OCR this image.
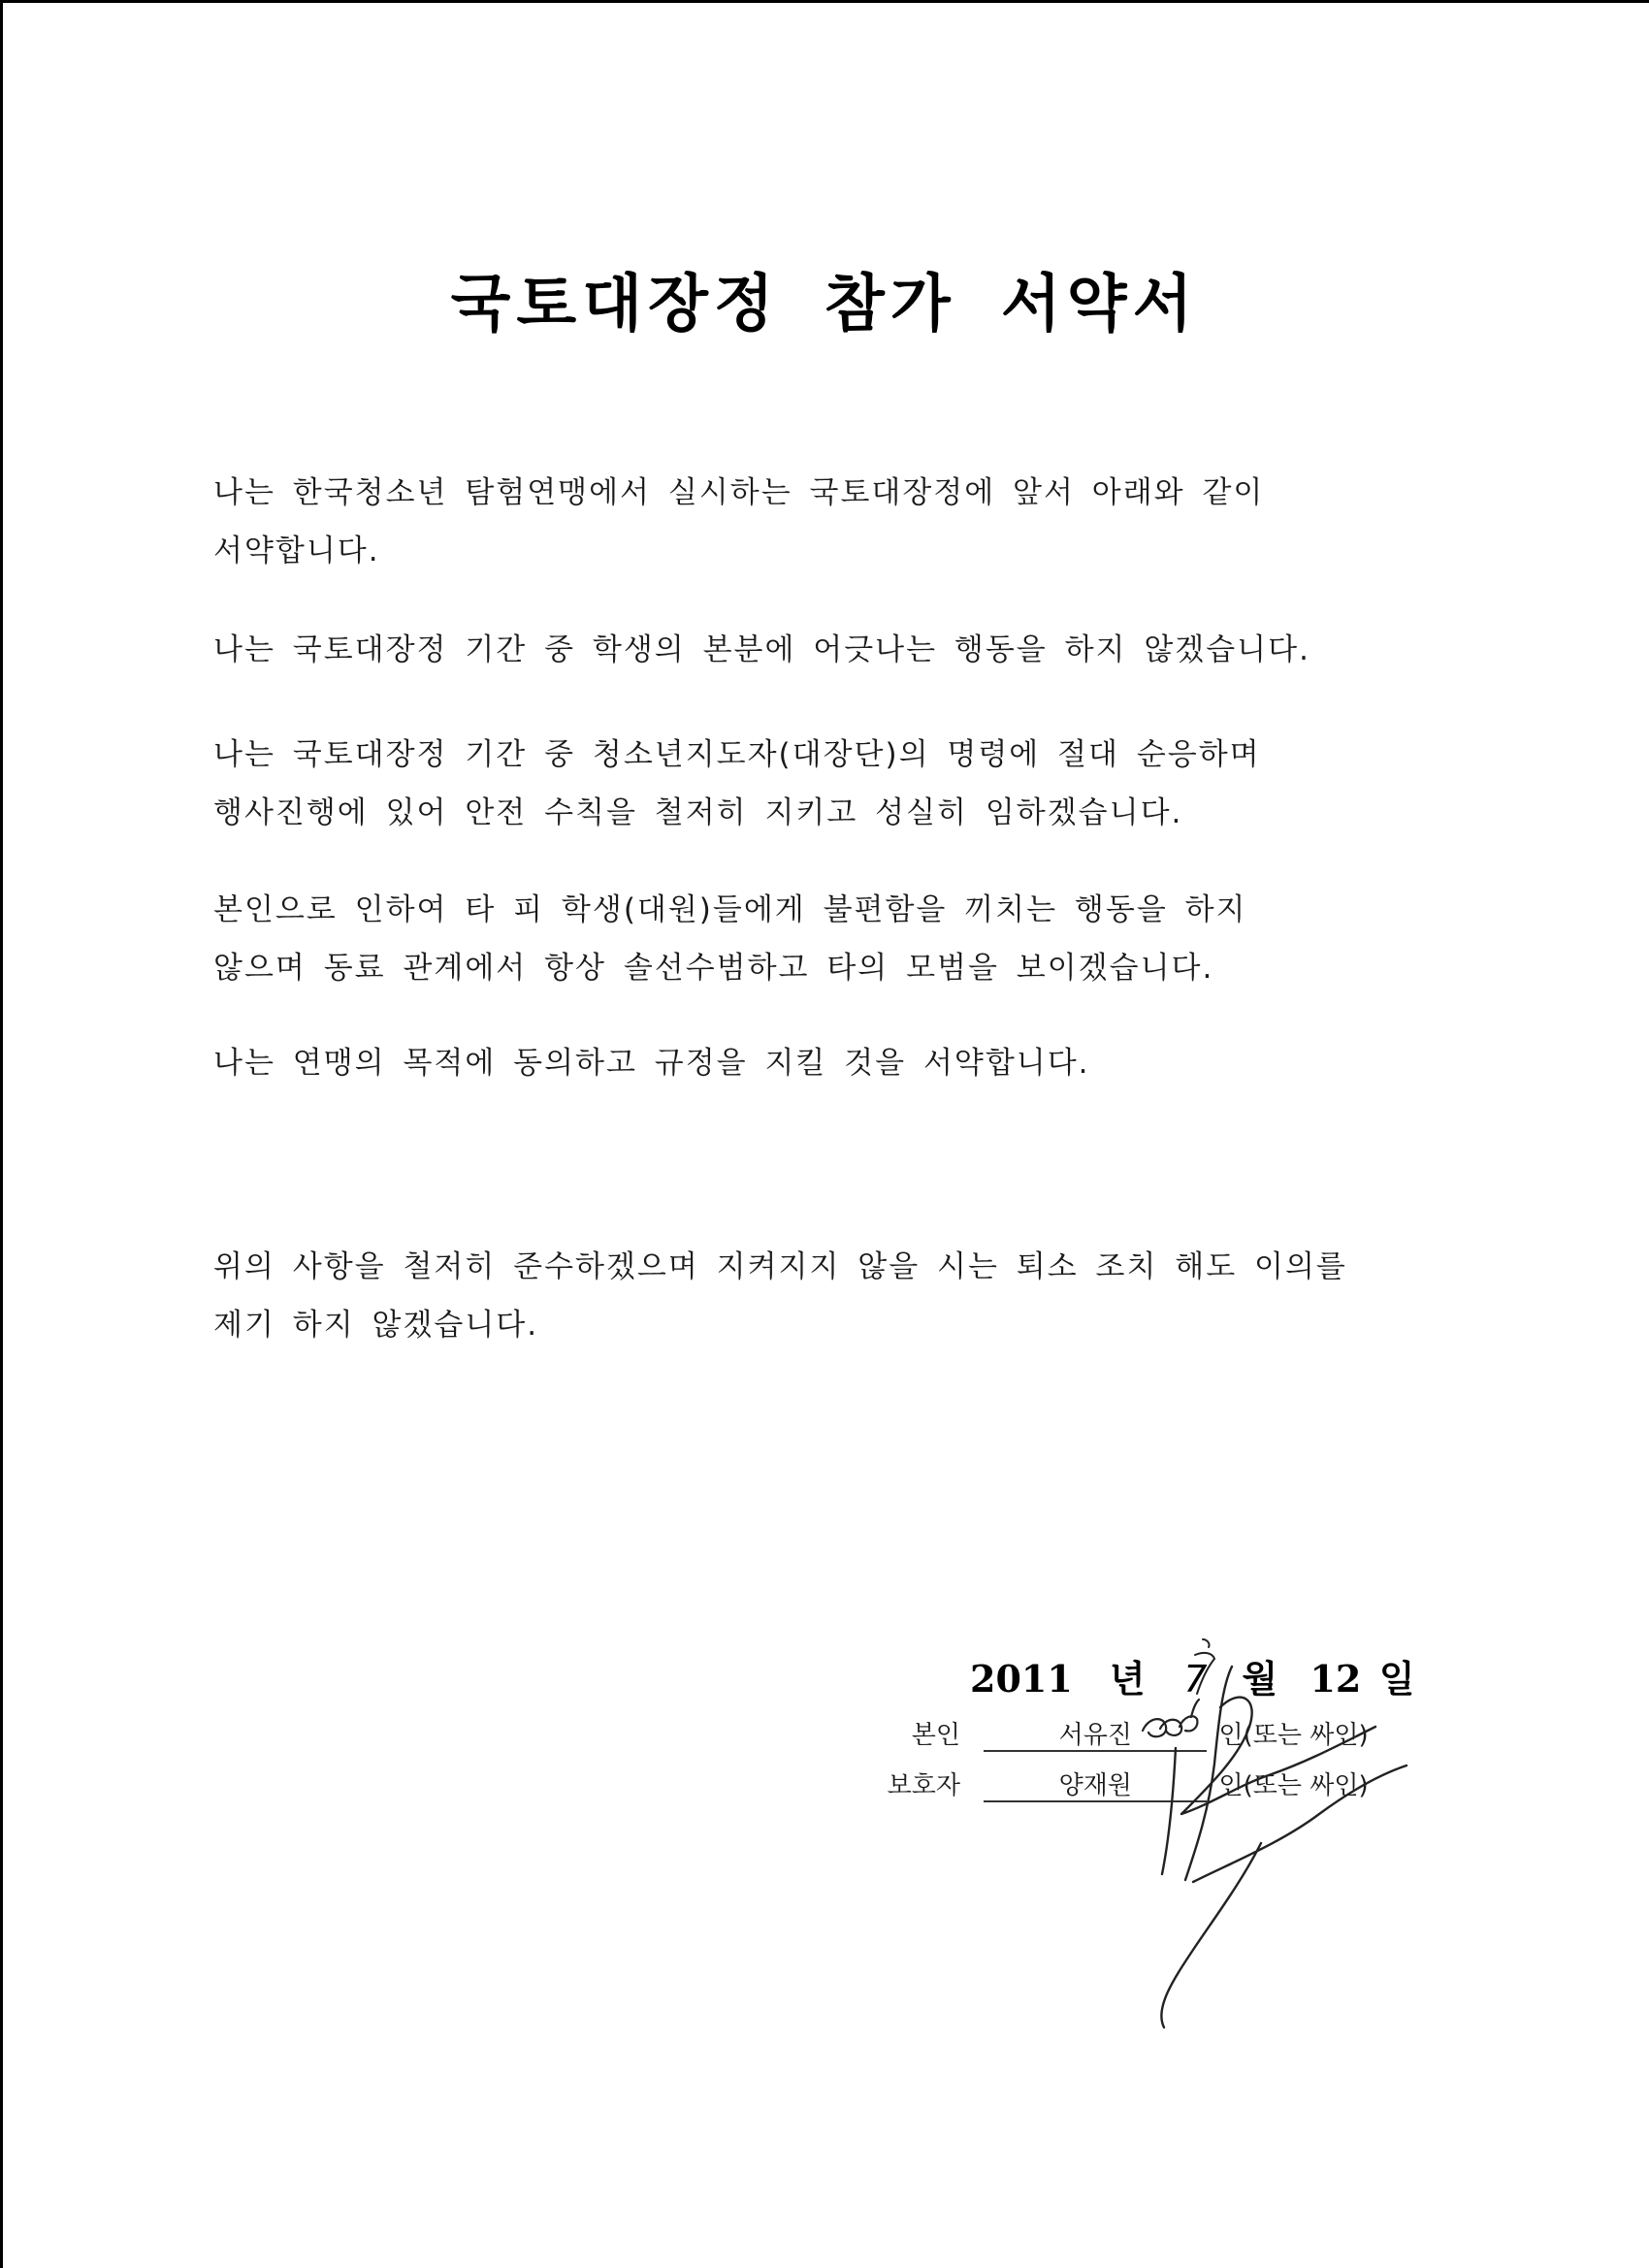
국토대장정 참가 서약서
나는 한국청소년 탐험연맹에서 실시하는 국토대장정에 앞서 아래와 같이
서약합니다.
나는 국토대장정 기간 중 학생의 본분에 어긋나는 행동을 하지 않겠습니다.
나는 국토대장정 기간 중 청소년지도자(대장단)의 명령에 절대 순응하며
행사진행에 있어 안전 수칙을 철저히 지키고 성실히 임하겠습니다.
본인으로 인하여 타 피 학생(대원)들에게 불편함을 끼치는 행동을 하지
않으며 동료 관계에서 항상 솔선수범하고 타의 모범을 보이겠습니다.
나는 연맹의 목적에 동의하고 규정을 지킬 것을 서약합니다.
위의 사항을 철저히 준수하겠으며 지켜지지 않을 시는 퇴소 조치 해도 이의를
제기 하지 않겠습니다.
2011 년 7 월 12 일
본인	서유진	인(또는 싸인)
보호자	양재원	인(또는 싸인)
